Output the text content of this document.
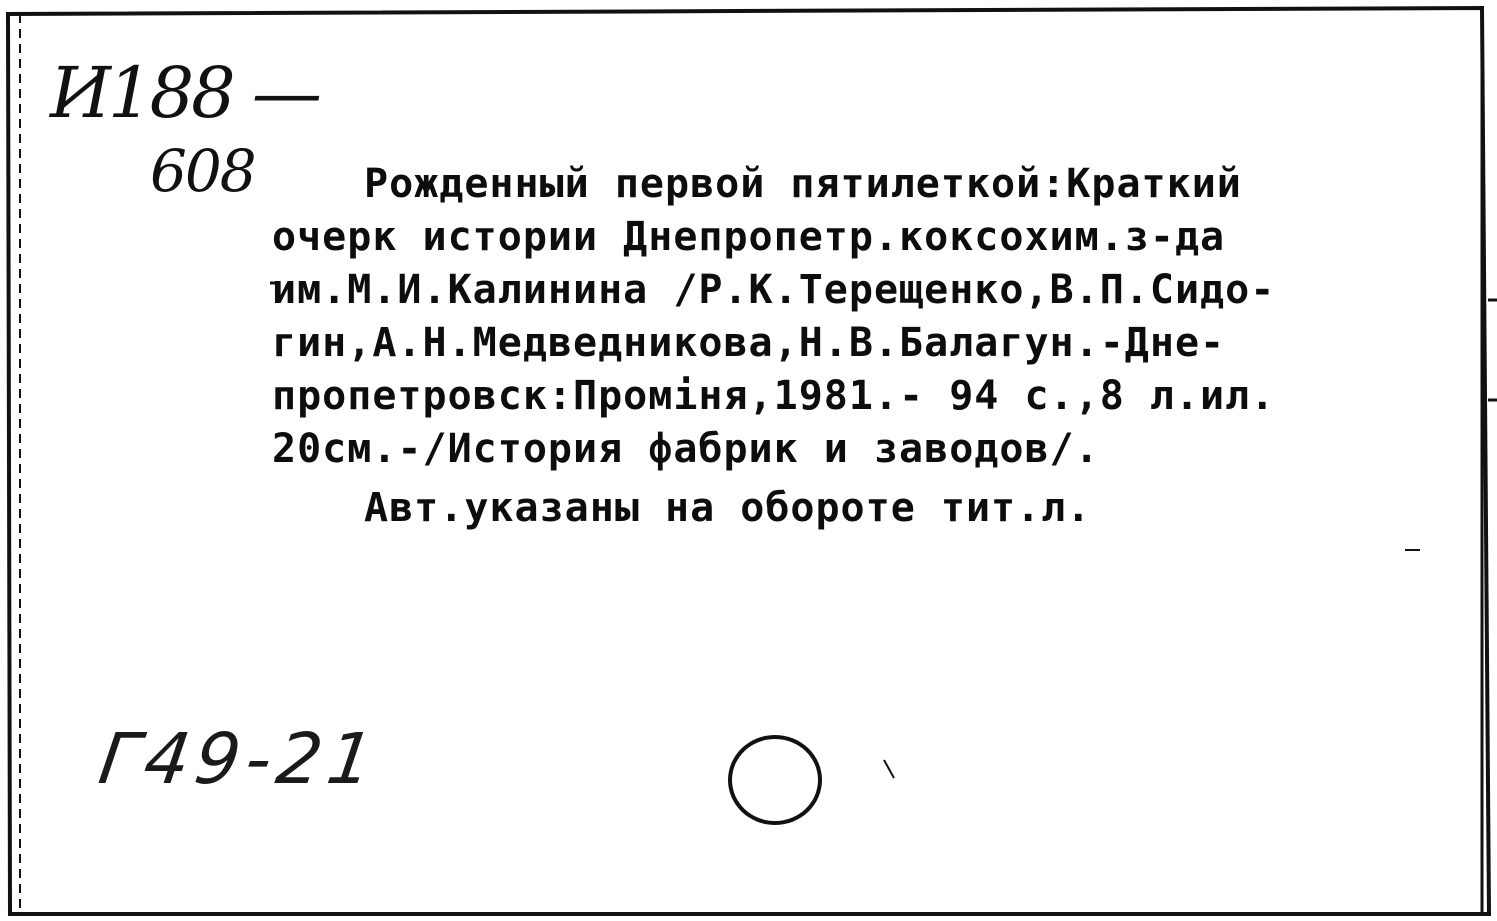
И188 —
608	Рожденный первой пятилеткой:Краткий
очерк истории Днепропетр.коксохим.з-да
им.М.И.Калинина /Р.К.Терещенко,В.П.Сидо-
гин,А.Н.Медведникова,Н.В.Балагун.-Дне-
пропетровск:Проміня,1981.- 94 с.,8 л.ил.
20см.-/История фабрик и заводов/.
Авт.указаны на обороте тит.л.
Г49-21
